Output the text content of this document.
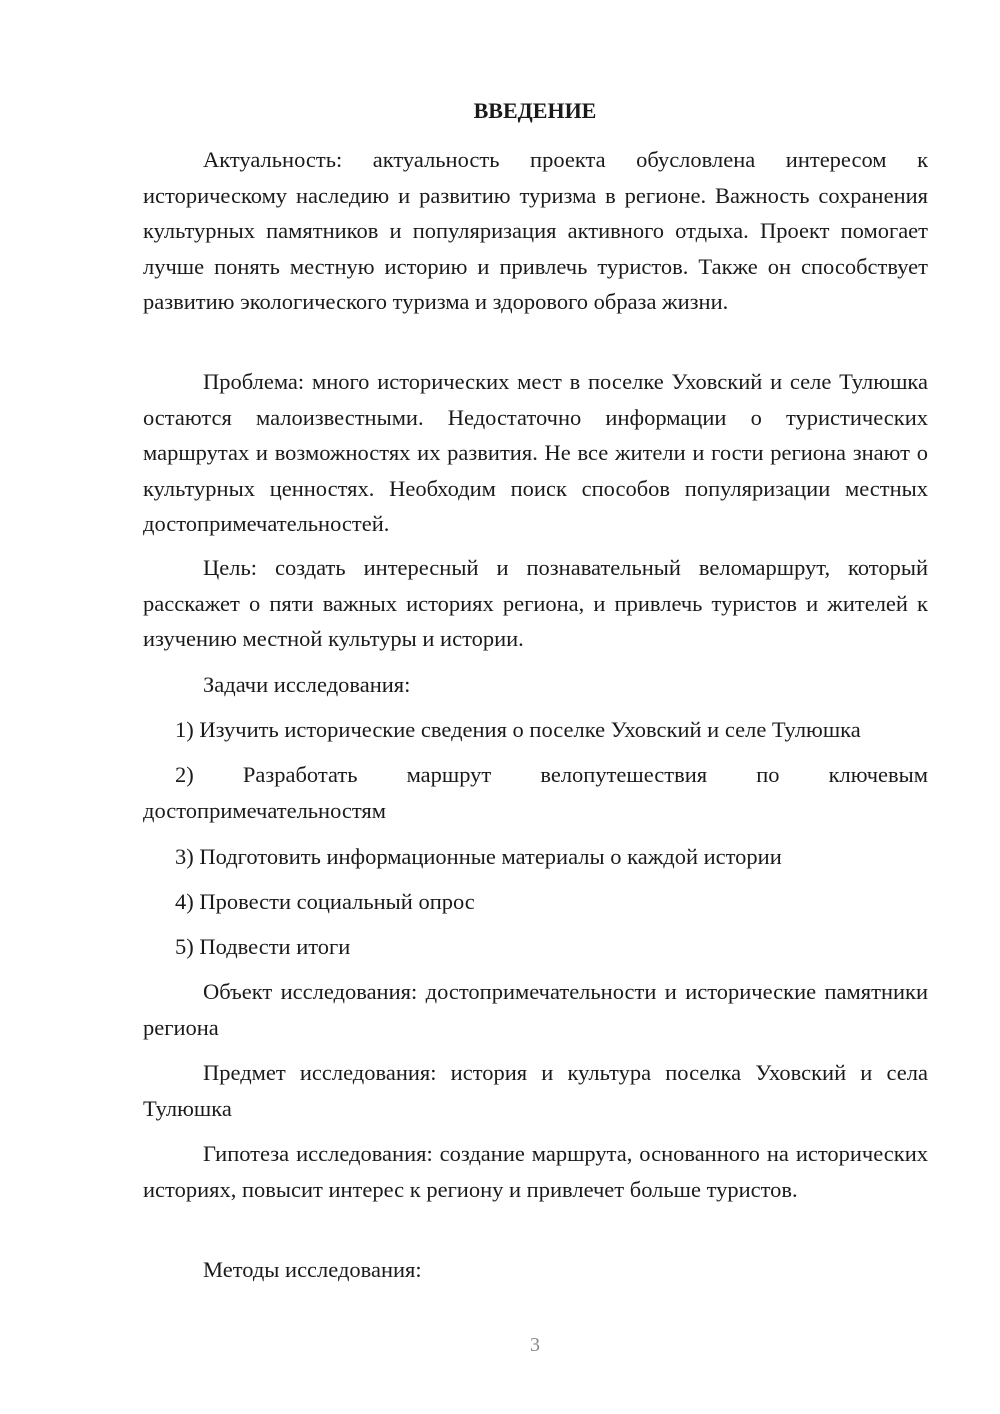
ВВЕДЕНИЕ

Актуальность: актуальность проекта обусловлена интересом к историческому наследию и развитию туризма в регионе. Важность сохранения культурных памятников и популяризация активного отдыха. Проект помогает лучше понять местную историю и привлечь туристов. Также он способствует развитию экологического туризма и здорового образа жизни.

Проблема: много исторических мест в поселке Уховский и селе Тулюшка остаются малоизвестными. Недостаточно информации о туристических маршрутах и возможностях их развития. Не все жители и гости региона знают о культурных ценностях. Необходим поиск способов популяризации местных достопримечательностей.

Цель: создать интересный и познавательный веломаршрут, который расскажет о пяти важных историях региона, и привлечь туристов и жителей к изучению местной культуры и истории.

Задачи исследования:

1) Изучить исторические сведения о поселке Уховский и селе Тулюшка

2) Разработать маршрут велопутешествия по ключевым достопримечательностям

3) Подготовить информационные материалы о каждой истории

4) Провести социальный опрос

5) Подвести итоги

Объект исследования: достопримечательности и исторические памятники региона

Предмет исследования: история и культура поселка Уховский и села Тулюшка

Гипотеза исследования: создание маршрута, основанного на исторических историях, повысит интерес к региону и привлечет больше туристов.

Методы исследования:

3
